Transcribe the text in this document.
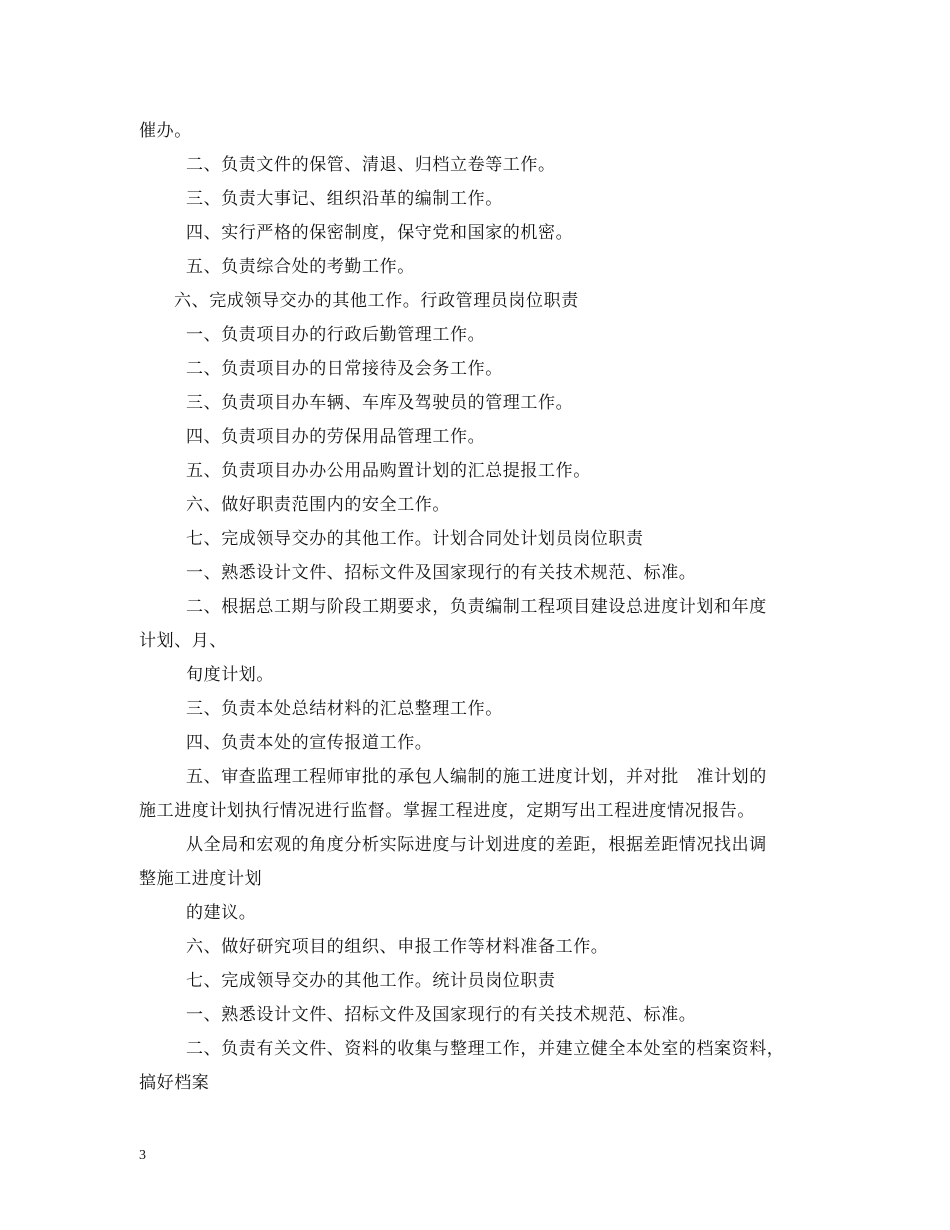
催办。
二、负责文件的保管、清退、归档立卷等工作。
三、负责大事记、组织沿革的编制工作。
四、实行严格的保密制度，保守党和国家的机密。
五、负责综合处的考勤工作。
六、完成领导交办的其他工作。行政管理员岗位职责
一、负责项目办的行政后勤管理工作。
二、负责项目办的日常接待及会务工作。
三、负责项目办车辆、车库及驾驶员的管理工作。
四、负责项目办的劳保用品管理工作。
五、负责项目办办公用品购置计划的汇总提报工作。
六、做好职责范围内的安全工作。
七、完成领导交办的其他工作。计划合同处计划员岗位职责
一、熟悉设计文件、招标文件及国家现行的有关技术规范、标准。
二、根据总工期与阶段工期要求，负责编制工程项目建设总进度计划和年度
计划、月、
旬度计划。
三、负责本处总结材料的汇总整理工作。
四、负责本处的宣传报道工作。
五、审查监理工程师审批的承包人编制的施工进度计划，并对批　准计划的
施工进度计划执行情况进行监督。掌握工程进度，定期写出工程进度情况报告。
从全局和宏观的角度分析实际进度与计划进度的差距，根据差距情况找出调
整施工进度计划
的建议。
六、做好研究项目的组织、申报工作等材料准备工作。
七、完成领导交办的其他工作。统计员岗位职责
一、熟悉设计文件、招标文件及国家现行的有关技术规范、标准。
二、负责有关文件、资料的收集与整理工作，并建立健全本处室的档案资料，
搞好档案
3
